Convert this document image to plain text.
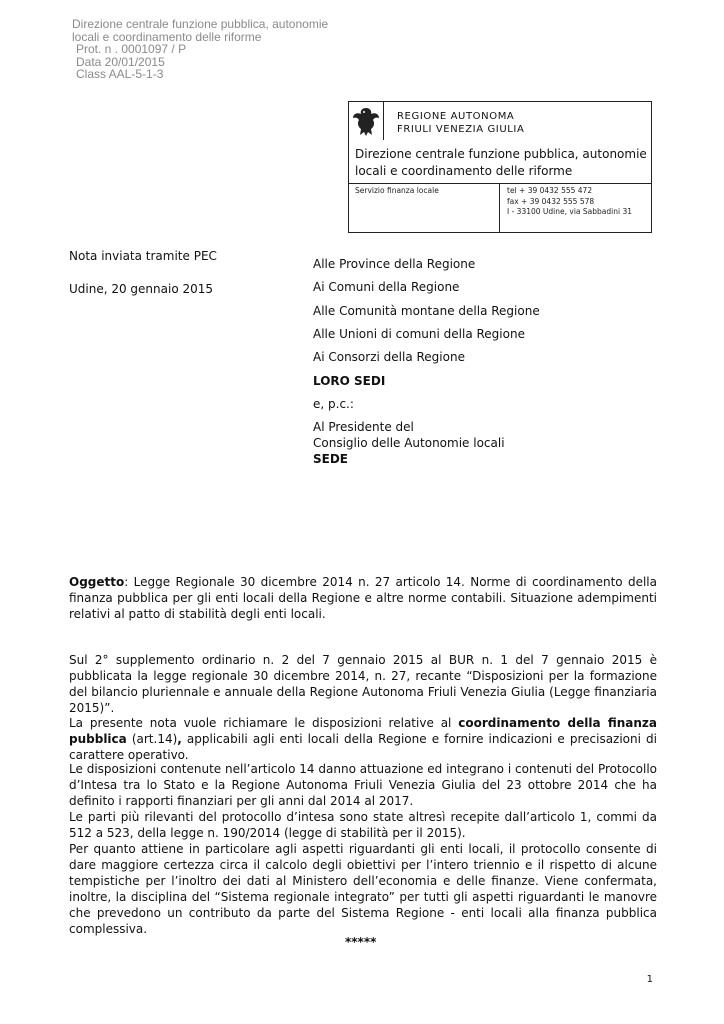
Direzione centrale funzione pubblica, autonomie
locali e coordinamento delle riforme
Prot. n . 0001097 / P
Data 20/01/2015
Class AAL-5-1-3
REGIONE AUTONOMA
FRIULI VENEZIA GIULIA
Direzione centrale funzione pubblica, autonomie
locali e coordinamento delle riforme
Servizio finanza locale	tel + 39 0432 555 472
fax + 39 0432 555 578
I - 33100 Udine, via Sabbadini 31
Nota inviata tramite PEC
Udine, 20 gennaio 2015
Alle Province della Regione
Ai Comuni della Regione
Alle Comunità montane della Regione
Alle Unioni di comuni della Regione
Ai Consorzi della Regione
LORO SEDI
e, p.c.:
Al Presidente del
Consiglio delle Autonomie locali
SEDE

Oggetto: Legge Regionale 30 dicembre 2014 n. 27 articolo 14. Norme di coordinamento della finanza pubblica per gli enti locali della Regione e altre norme contabili. Situazione adempimenti relativi al patto di stabilità degli enti locali.

Sul 2° supplemento ordinario n. 2 del 7 gennaio 2015 al BUR n. 1 del 7 gennaio 2015 è pubblicata la legge regionale 30 dicembre 2014, n. 27, recante “Disposizioni per la formazione del bilancio pluriennale e annuale della Regione Autonoma Friuli Venezia Giulia (Legge finanziaria 2015)”.

La presente nota vuole richiamare le disposizioni relative al coordinamento della finanza pubblica (art.14), applicabili agli enti locali della Regione e fornire indicazioni e precisazioni di carattere operativo.

Le disposizioni contenute nell’articolo 14 danno attuazione ed integrano i contenuti del Protocollo d’Intesa tra lo Stato e la Regione Autonoma Friuli Venezia Giulia del 23 ottobre 2014 che ha definito i rapporti finanziari per gli anni dal 2014 al 2017.

Le parti più rilevanti del protocollo d’intesa sono state altresì recepite dall’articolo 1, commi da 512 a 523, della legge n. 190/2014 (legge di stabilità per il 2015).

Per quanto attiene in particolare agli aspetti riguardanti gli enti locali, il protocollo consente di dare maggiore certezza circa il calcolo degli obiettivi per l’intero triennio e il rispetto di alcune tempistiche per l’inoltro dei dati al Ministero dell’economia e delle finanze. Viene confermata, inoltre, la disciplina del “Sistema regionale integrato” per tutti gli aspetti riguardanti le manovre che prevedono un contributo da parte del Sistema Regione - enti locali alla finanza pubblica complessiva.

*****
1
